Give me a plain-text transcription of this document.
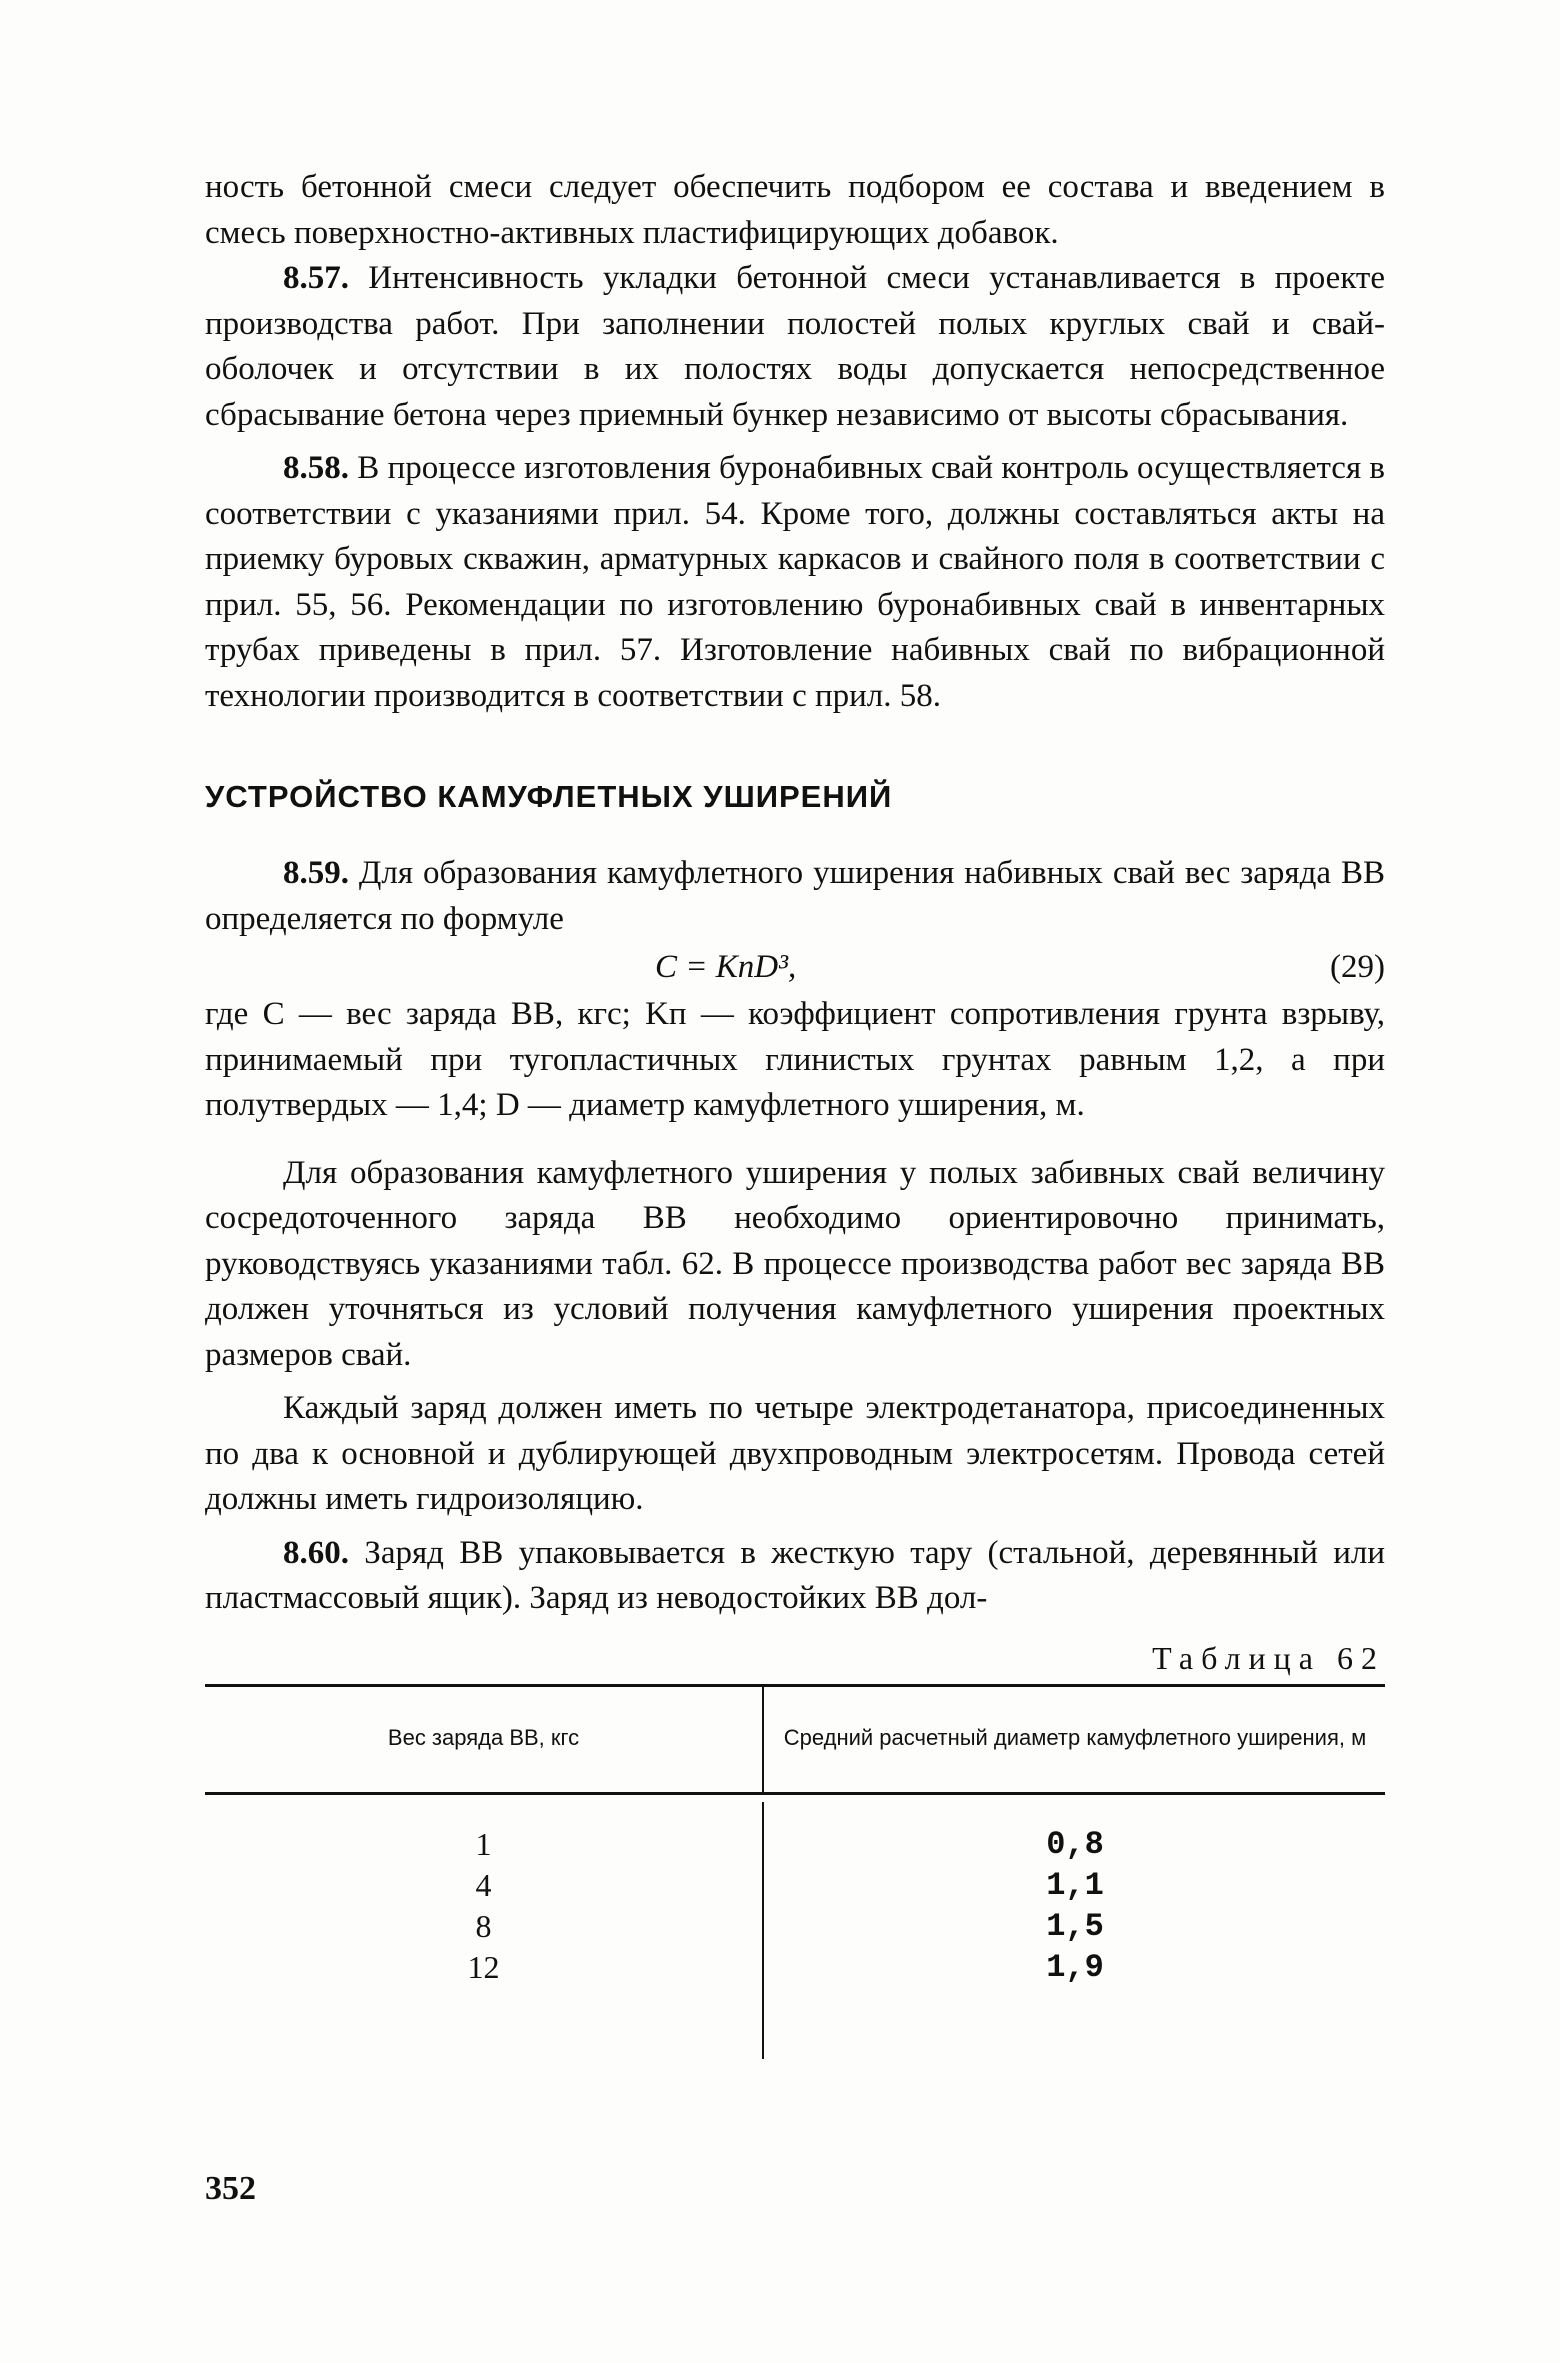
ность бетонной смеси следует обеспечить подбором ее состава и введением в смесь поверхностно-активных пластифицирующих добавок.

8.57. Интенсивность укладки бетонной смеси устанавливается в проекте производства работ. При заполнении полостей полых круглых свай и свай-оболочек и отсутствии в их полостях воды допускается непосредственное сбрасывание бетона через приемный бункер независимо от высоты сбрасывания.

8.58. В процессе изготовления буронабивных свай контроль осуществляется в соответствии с указаниями прил. 54. Кроме того, должны составляться акты на приемку буровых скважин, арматурных каркасов и свайного поля в соответствии с прил. 55, 56. Рекомендации по изготовлению буронабивных свай в инвентарных трубах приведены в прил. 57. Изготовление набивных свай по вибрационной технологии производится в соответствии с прил. 58.

УСТРОЙСТВО КАМУФЛЕТНЫХ УШИРЕНИЙ

8.59. Для образования камуфлетного уширения набивных свай вес заряда ВВ определяется по формуле

C = KпD³,	(29)

где C — вес заряда ВВ, кгс; Kп — коэффициент сопротивления грунта взрыву, принимаемый при тугопластичных глинистых грунтах равным 1,2, а при полутвердых — 1,4; D — диаметр камуфлетного уширения, м.

Для образования камуфлетного уширения у полых забивных свай величину сосредоточенного заряда ВВ необходимо ориентировочно принимать, руководствуясь указаниями табл. 62. В процессе производства работ вес заряда ВВ должен уточняться из условий получения камуфлетного уширения проектных размеров свай.

Каждый заряд должен иметь по четыре электродетанатора, присоединенных по два к основной и дублирующей двухпроводным электросетям. Провода сетей должны иметь гидроизоляцию.

8.60. Заряд ВВ упаковывается в жесткую тару (стальной, деревянный или пластмассовый ящик). Заряд из неводостойких ВВ дол-

Таблица 62
Вес заряда ВВ, кгс	Средний расчетный диаметр камуфлетного уширения, м
1
4
8
12
0,8
1,1
1,5
1,9
352
